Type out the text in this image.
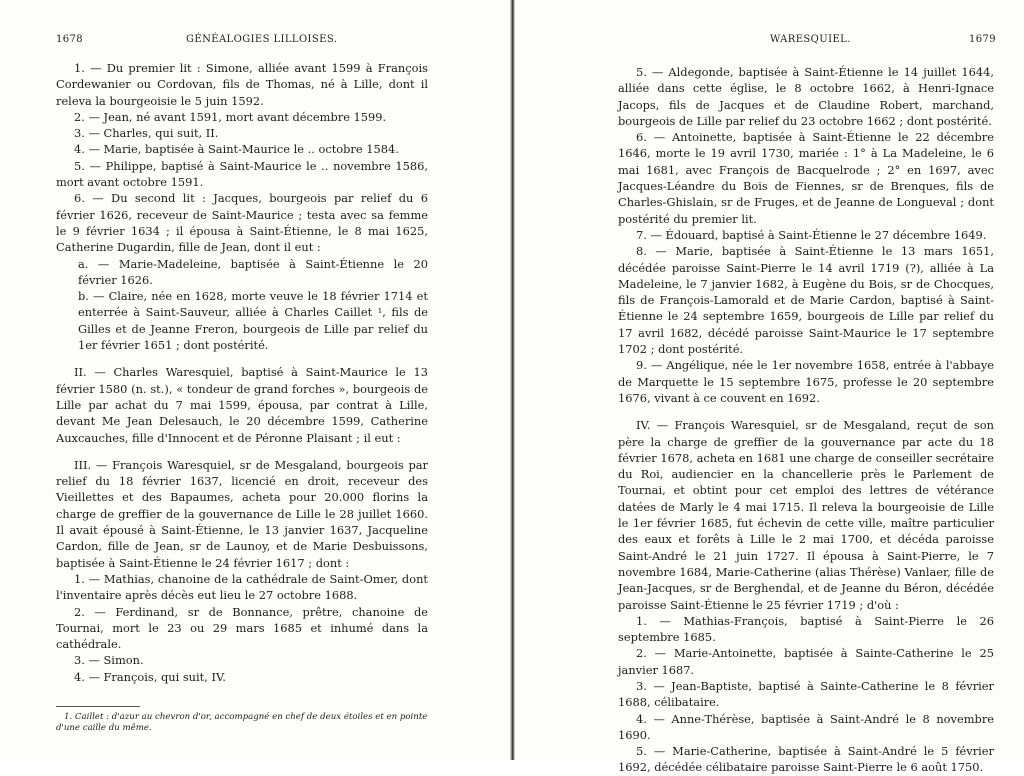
1678	GÉNÉALOGIES LILLOISES.

1. — Du premier lit : Simone, alliée avant 1599 à François Cordewanier ou Cordovan, fils de Thomas, né à Lille, dont il releva la bourgeoisie le 5 juin 1592.

2. — Jean, né avant 1591, mort avant décembre 1599.

3. — Charles, qui suit, II.

4. — Marie, baptisée à Saint-Maurice le .. octobre 1584.

5. — Philippe, baptisé à Saint-Maurice le .. novembre 1586, mort avant octobre 1591.

6. — Du second lit : Jacques, bourgeois par relief du 6 février 1626, receveur de Saint-Maurice ; testa avec sa femme le 9 février 1634 ; il épousa à Saint-Étienne, le 8 mai 1625, Catherine Dugardin, fille de Jean, dont il eut :

a. — Marie-Madeleine, baptisée à Saint-Étienne le 20 février 1626.

b. — Claire, née en 1628, morte veuve le 18 février 1714 et enterrée à Saint-Sauveur, alliée à Charles Caillet ¹, fils de Gilles et de Jeanne Freron, bourgeois de Lille par relief du 1er février 1651 ; dont postérité.

II. — Charles Waresquiel, baptisé à Saint-Maurice le 13 février 1580 (n. st.), « tondeur de grand forches », bourgeois de Lille par achat du 7 mai 1599, épousa, par contrat à Lille, devant Me Jean Delesauch, le 20 décembre 1599, Catherine Auxcauches, fille d'Innocent et de Péronne Plaisant ; il eut :

III. — François Waresquiel, sr de Mesgaland, bourgeois par relief du 18 février 1637, licencié en droit, receveur des Vieillettes et des Bapaumes, acheta pour 20.000 florins la charge de greffier de la gouvernance de Lille le 28 juillet 1660. Il avait épousé à Saint-Étienne, le 13 janvier 1637, Jacqueline Cardon, fille de Jean, sr de Launoy, et de Marie Desbuissons, baptisée à Saint-Étienne le 24 février 1617 ; dont :

1. — Mathias, chanoine de la cathédrale de Saint-Omer, dont l'inventaire après décès eut lieu le 27 octobre 1688.

2. — Ferdinand, sr de Bonnance, prêtre, chanoine de Tournai, mort le 23 ou 29 mars 1685 et inhumé dans la cathédrale.

3. — Simon.

4. — François, qui suit, IV.

1. Caillet : d'azur au chevron d'or, accompagné en chef de deux étoiles et en pointe d'une caille du même.
WARESQUIEL.	1679

5. — Aldegonde, baptisée à Saint-Étienne le 14 juillet 1644, alliée dans cette église, le 8 octobre 1662, à Henri-Ignace Jacops, fils de Jacques et de Claudine Robert, marchand, bourgeois de Lille par relief du 23 octobre 1662 ; dont postérité.

6. — Antoinette, baptisée à Saint-Étienne le 22 décembre 1646, morte le 19 avril 1730, mariée : 1° à La Madeleine, le 6 mai 1681, avec François de Bacquelrode ; 2° en 1697, avec Jacques-Léandre du Bois de Fiennes, sr de Brenques, fils de Charles-Ghislain, sr de Fruges, et de Jeanne de Longueval ; dont postérité du premier lit.

7. — Édouard, baptisé à Saint-Étienne le 27 décembre 1649.

8. — Marie, baptisée à Saint-Étienne le 13 mars 1651, décédée paroisse Saint-Pierre le 14 avril 1719 (?), alliée à La Madeleine, le 7 janvier 1682, à Eugène du Bois, sr de Chocques, fils de François-Lamorald et de Marie Cardon, baptisé à Saint-Étienne le 24 septembre 1659, bourgeois de Lille par relief du 17 avril 1682, décédé paroisse Saint-Maurice le 17 septembre 1702 ; dont postérité.

9. — Angélique, née le 1er novembre 1658, entrée à l'abbaye de Marquette le 15 septembre 1675, professe le 20 septembre 1676, vivant à ce couvent en 1692.

IV. — François Waresquiel, sr de Mesgaland, reçut de son père la charge de greffier de la gouvernance par acte du 18 février 1678, acheta en 1681 une charge de conseiller secrétaire du Roi, audiencier en la chancellerie près le Parlement de Tournai, et obtint pour cet emploi des lettres de vétérance datées de Marly le 4 mai 1715. Il releva la bourgeoisie de Lille le 1er février 1685, fut échevin de cette ville, maître particulier des eaux et forêts à Lille le 2 mai 1700, et décéda paroisse Saint-André le 21 juin 1727. Il épousa à Saint-Pierre, le 7 novembre 1684, Marie-Catherine (alias Thérèse) Vanlaer, fille de Jean-Jacques, sr de Berghendal, et de Jeanne du Béron, décédée paroisse Saint-Étienne le 25 février 1719 ; d'où :

1. — Mathias-François, baptisé à Saint-Pierre le 26 septembre 1685.

2. — Marie-Antoinette, baptisée à Sainte-Catherine le 25 janvier 1687.

3. — Jean-Baptiste, baptisé à Sainte-Catherine le 8 février 1688, célibataire.

4. — Anne-Thérèse, baptisée à Saint-André le 8 novembre 1690.

5. — Marie-Catherine, baptisée à Saint-André le 5 février 1692, décédée célibataire paroisse Saint-Pierre le 6 août 1750.
